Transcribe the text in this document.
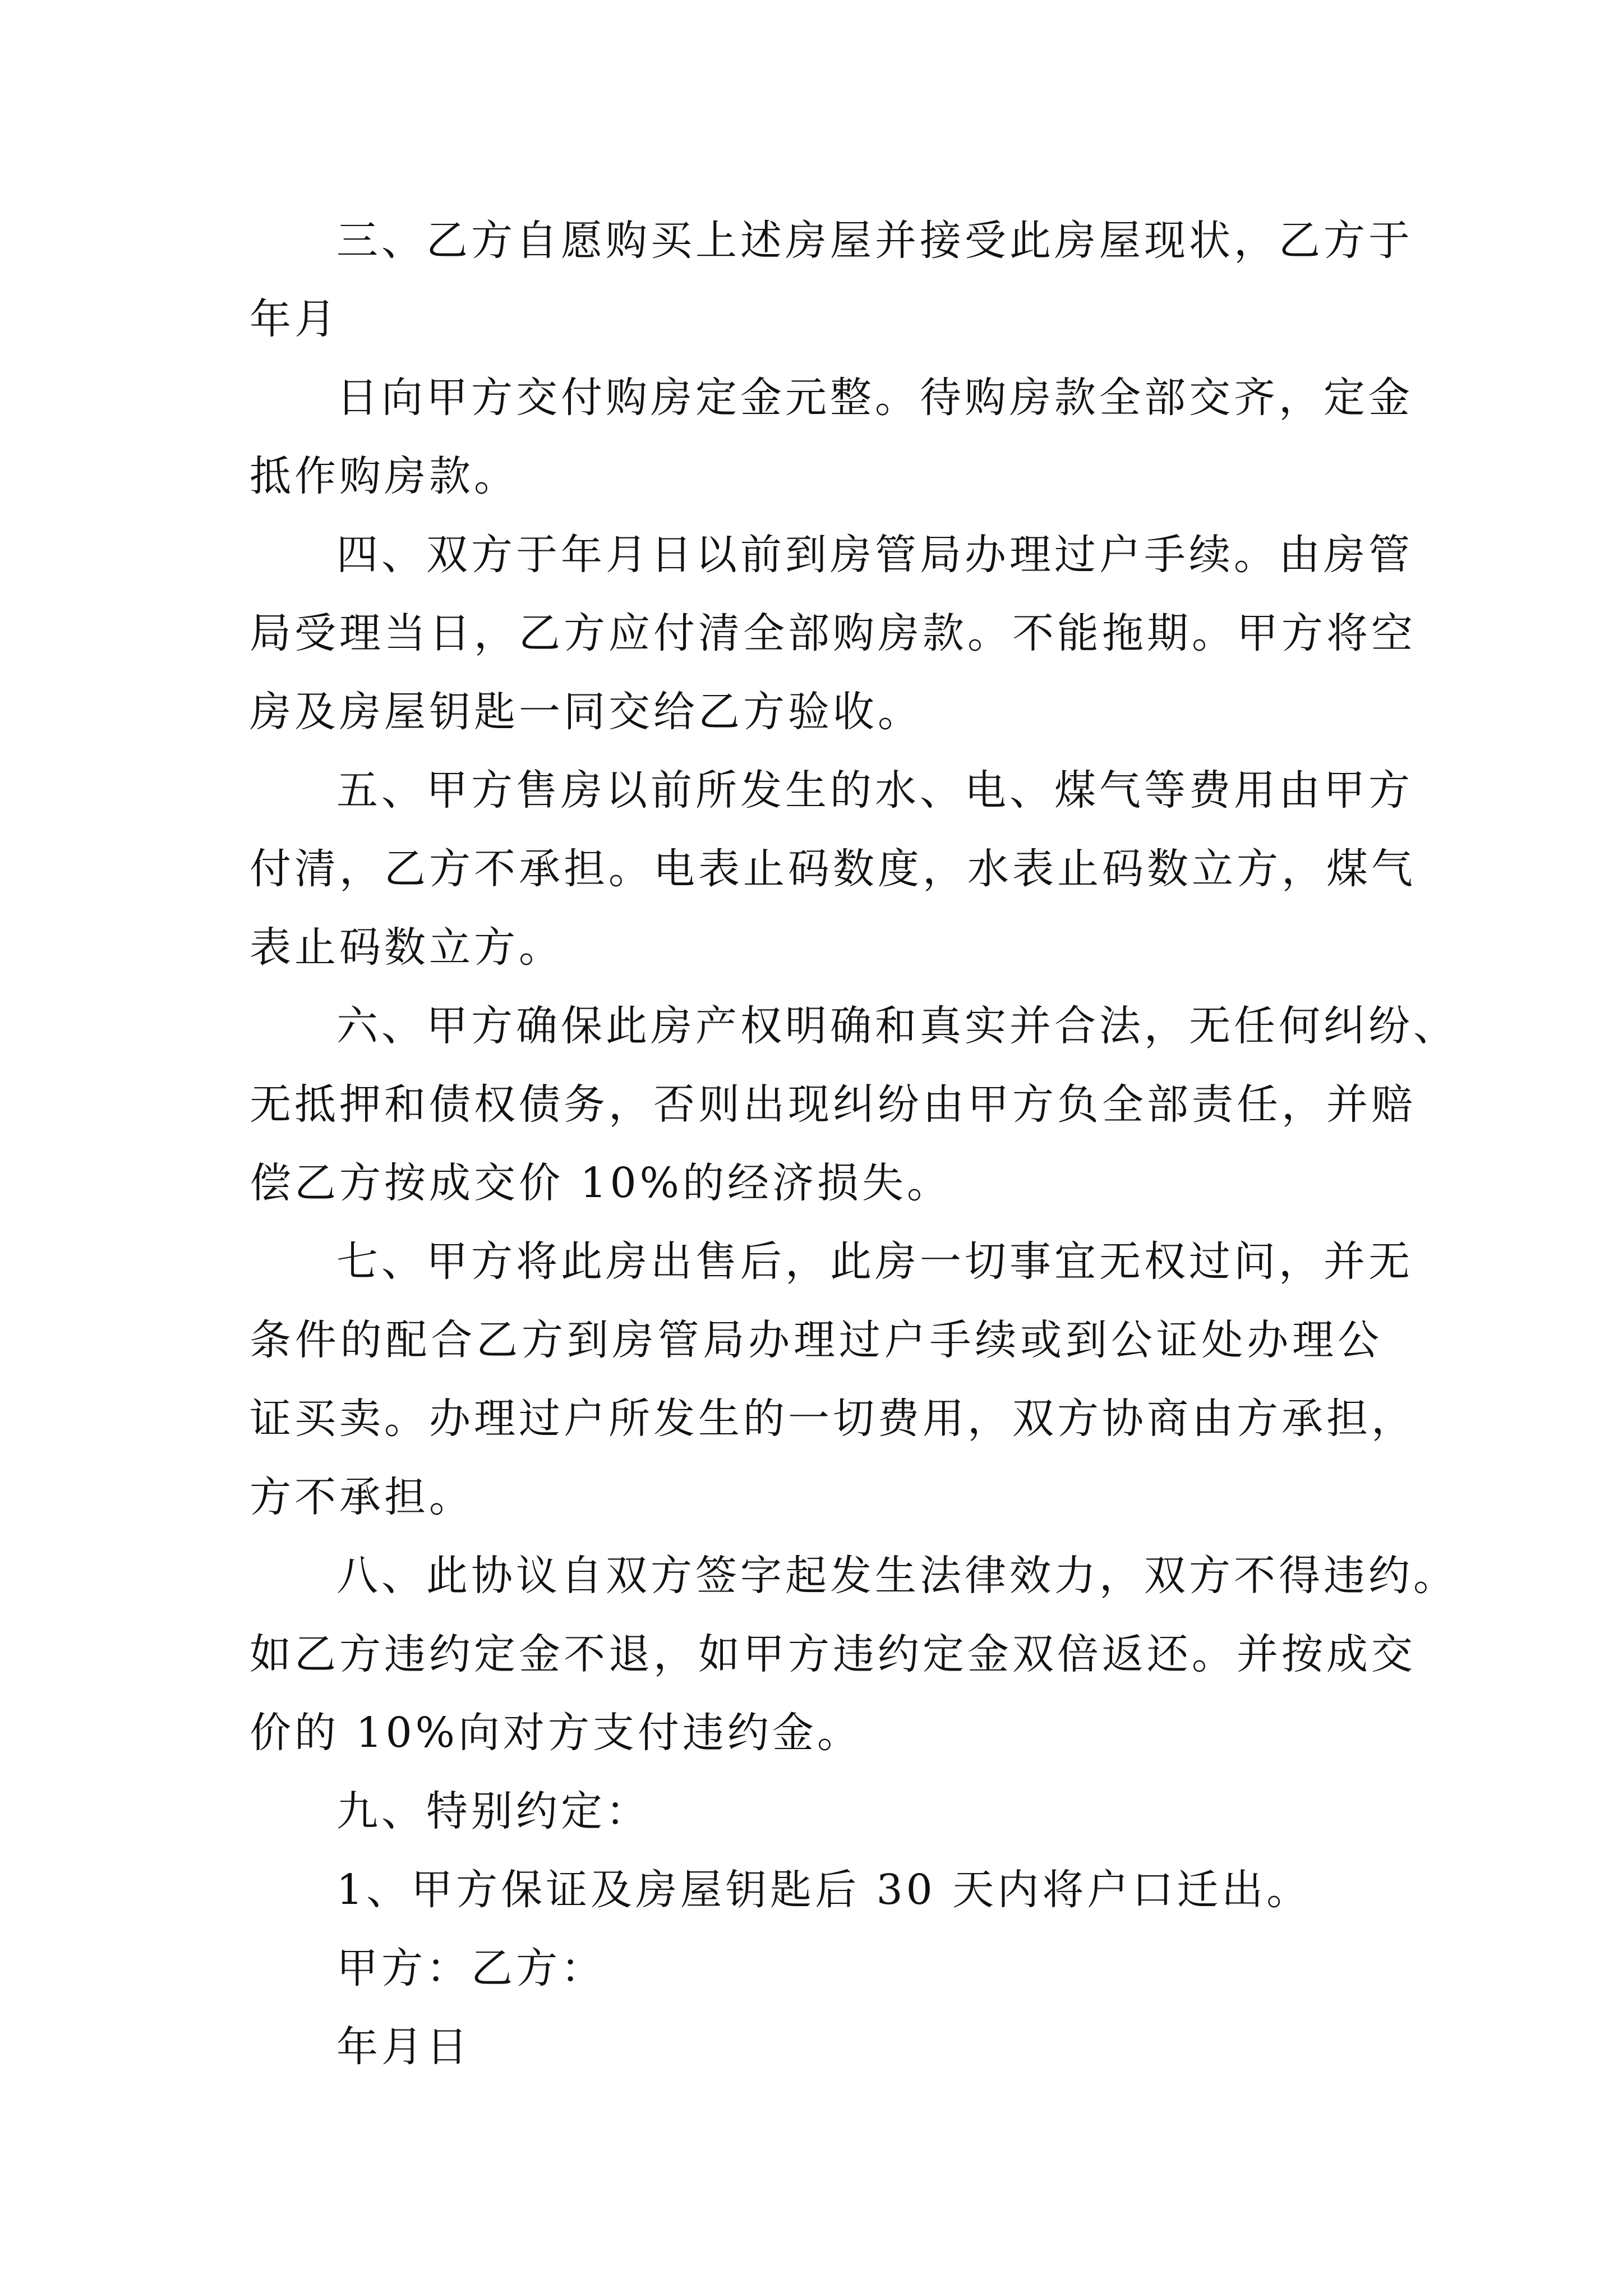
三、乙方自愿购买上述房屋并接受此房屋现状，乙方于
年月
日向甲方交付购房定金元整。待购房款全部交齐，定金
抵作购房款。
四、双方于年月日以前到房管局办理过户手续。由房管
局受理当日，乙方应付清全部购房款。不能拖期。甲方将空
房及房屋钥匙一同交给乙方验收。
五、甲方售房以前所发生的水、电、煤气等费用由甲方
付清，乙方不承担。电表止码数度，水表止码数立方，煤气
表止码数立方。
六、甲方确保此房产权明确和真实并合法，无任何纠纷、
无抵押和债权债务，否则出现纠纷由甲方负全部责任，并赔
偿乙方按成交价 10%的经济损失。
七、甲方将此房出售后，此房一切事宜无权过问，并无
条件的配合乙方到房管局办理过户手续或到公证处办理公
证买卖。办理过户所发生的一切费用，双方协商由方承担，
方不承担。
八、此协议自双方签字起发生法律效力，双方不得违约。
如乙方违约定金不退，如甲方违约定金双倍返还。并按成交
价的 10%向对方支付违约金。
九、特别约定：
1、甲方保证及房屋钥匙后 30 天内将户口迁出。
甲方：乙方：
年月日
